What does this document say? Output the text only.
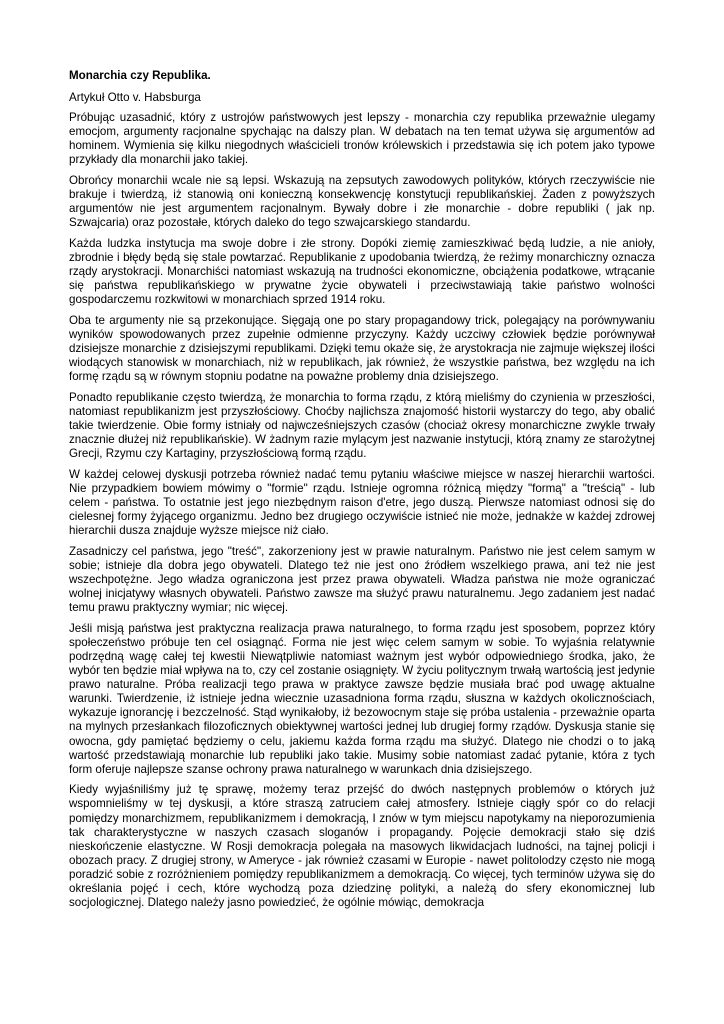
Monarchia czy Republika.
Artykuł Otto v. Habsburga
Próbując uzasadnić, który z ustrojów państwowych jest lepszy - monarchia czy republika przeważnie ulegamy emocjom, argumenty racjonalne spychając na dalszy plan. W debatach na ten temat używa się argumentów ad hominem. Wymienia się kilku niegodnych właścicieli tronów królewskich i przedstawia się ich potem jako typowe przykłady dla monarchii jako takiej.
Obrońcy monarchii wcale nie są lepsi. Wskazują na zepsutych zawodowych polityków, których rzeczywiście nie brakuje i twierdzą, iż stanowią oni konieczną konsekwencję konstytucji republikańskiej. Żaden z powyższych argumentów nie jest argumentem racjonalnym. Bywały dobre i złe monarchie - dobre republiki ( jak np. Szwajcaria) oraz pozostałe, których daleko do tego szwajcarskiego standardu.
Każda ludzka instytucja ma swoje dobre i złe strony. Dopóki ziemię zamieszkiwać będą ludzie, a nie anioły, zbrodnie i błędy będą się stale powtarzać. Republikanie z upodobania twierdzą, że reżimy monarchiczny oznacza rządy arystokracji. Monarchiści natomiast wskazują na trudności ekonomiczne, obciążenia podatkowe, wtrącanie się państwa republikańskiego w prywatne życie obywateli i przeciwstawiają takie państwo wolności gospodarczemu rozkwitowi w monarchiach sprzed 1914 roku.
Oba te argumenty nie są przekonujące. Sięgają one po stary propagandowy trick, polegający na porównywaniu wyników spowodowanych przez zupełnie odmienne przyczyny. Każdy uczciwy człowiek będzie porównywał dzisiejsze monarchie z dzisiejszymi republikami. Dzięki temu okaże się, że arystokracja nie zajmuje większej ilości wiodących stanowisk w monarchiach, niż w republikach, jak również, że wszystkie państwa, bez względu na ich formę rządu są w równym stopniu podatne na poważne problemy dnia dzisiejszego.
Ponadto republikanie często twierdzą, że monarchia to forma rządu, z którą mieliśmy do czynienia w przeszłości, natomiast republikanizm jest przyszłościowy. Choćby najlichsza znajomość historii wystarczy do tego, aby obalić takie twierdzenie. Obie formy istniały od najwcześniejszych czasów (chociaż okresy monarchiczne zwykle trwały znacznie dłużej niż republikańskie). W żadnym razie mylącym jest nazwanie instytucji, którą znamy ze starożytnej Grecji, Rzymu czy Kartaginy, przyszłościową formą rządu.
W każdej celowej dyskusji potrzeba również nadać temu pytaniu właściwe miejsce w naszej hierarchii wartości. Nie przypadkiem bowiem mówimy o "formie" rządu. Istnieje ogromna różnicą między "formą" a "treścią" - lub celem - państwa. To ostatnie jest jego niezbędnym raison d'etre, jego duszą. Pierwsze natomiast odnosi się do cielesnej formy żyjącego organizmu. Jedno bez drugiego oczywiście istnieć nie może, jednakże w każdej zdrowej hierarchii dusza znajduje wyższe miejsce niż ciało.
Zasadniczy cel państwa, jego "treść", zakorzeniony jest w prawie naturalnym. Państwo nie jest celem samym w sobie; istnieje dla dobra jego obywateli. Dlatego też nie jest ono źródłem wszelkiego prawa, ani też nie jest wszechpotężne. Jego władza ograniczona jest przez prawa obywateli. Władza państwa nie może ograniczać wolnej inicjatywy własnych obywateli. Państwo zawsze ma służyć prawu naturalnemu. Jego zadaniem jest nadać temu prawu praktyczny wymiar; nic więcej.
Jeśli misją państwa jest praktyczna realizacja prawa naturalnego, to forma rządu jest sposobem, poprzez który społeczeństwo próbuje ten cel osiągnąć. Forma nie jest więc celem samym w sobie. To wyjaśnia relatywnie podrzędną wagę całej tej kwestii Niewątpliwie natomiast ważnym jest wybór odpowiedniego środka, jako, że wybór ten będzie miał wpływa na to, czy cel zostanie osiągnięty. W życiu politycznym trwałą wartością jest jedynie prawo naturalne. Próba realizacji tego prawa w praktyce zawsze będzie musiała brać pod uwagę aktualne warunki. Twierdzenie, iż istnieje jedna wiecznie uzasadniona forma rządu, słuszna w każdych okolicznościach, wykazuje ignorancję i bezczelność. Stąd wynikałoby, iż bezowocnym staje się próba ustalenia - przeważnie oparta na mylnych przesłankach filozoficznych obiektywnej wartości jednej lub drugiej formy rządów. Dyskusja stanie się owocna, gdy pamiętać będziemy o celu, jakiemu każda forma rządu ma służyć. Dlatego nie chodzi o to jaką wartość przedstawiają monarchie lub republiki jako takie. Musimy sobie natomiast zadać pytanie, która z tych form oferuje najlepsze szanse ochrony prawa naturalnego w warunkach dnia dzisiejszego.
Kiedy wyjaśniliśmy już tę sprawę, możemy teraz przejść do dwóch następnych problemów o których już wspomnieliśmy w tej dyskusji, a które straszą zatruciem całej atmosfery. Istnieje ciągły spór co do relacji pomiędzy monarchizmem, republikanizmem i demokracją, I znów w tym miejscu napotykamy na nieporozumienia tak charakterystyczne w naszych czasach sloganów i propagandy. Pojęcie demokracji stało się dziś nieskończenie elastyczne. W Rosji demokracja polegała na masowych likwidacjach ludności, na tajnej policji i obozach pracy. Z drugiej strony, w Ameryce - jak również czasami w Europie - nawet politolodzy często nie mogą poradzić sobie z rozróżnieniem pomiędzy republikanizmem a demokracją. Co więcej, tych terminów używa się do określania pojęć i cech, które wychodzą poza dziedzinę polityki, a należą do sfery ekonomicznej lub socjologicznej. Dlatego należy jasno powiedzieć, że ogólnie mówiąc, demokracja
